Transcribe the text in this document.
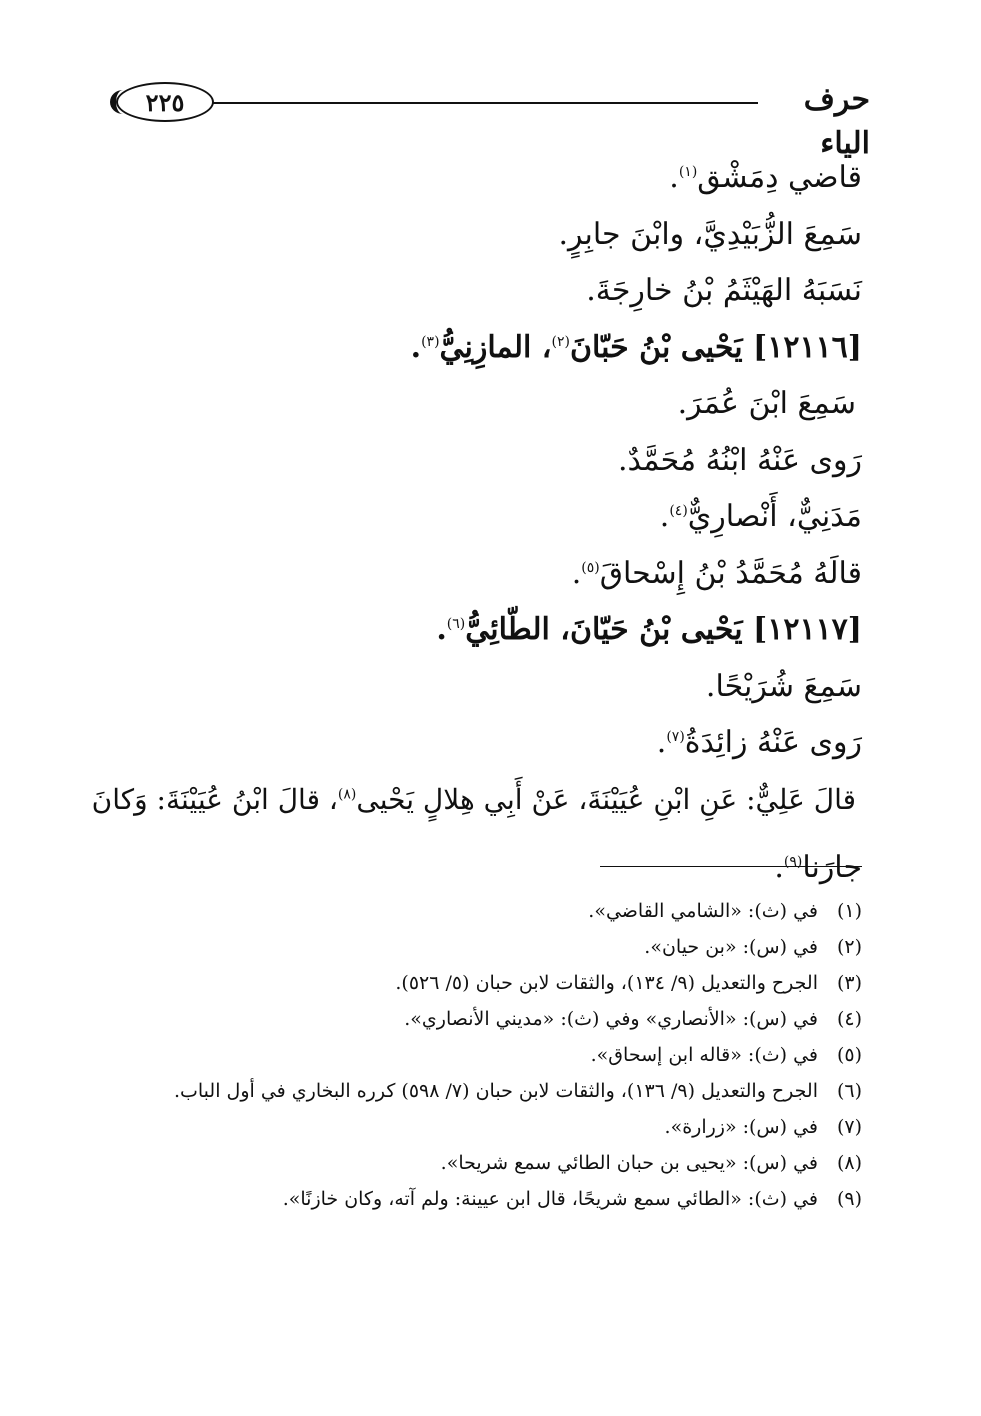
٢٢٥	حرف الياء
قاضي دِمَشْق$^{(١)}$.
سَمِعَ الزُّبَيْدِيَّ، وابْنَ جابِرٍ.
نَسَبَهُ الهَيْثَمُ بْنُ خارِجَةَ.
[١٢١١٦] يَحْيى بْنُ حَبّانَ$^{(٢)}$، المازِنِيُّ$^{(٣)}$.
سَمِعَ ابْنَ عُمَرَ.
رَوى عَنْهُ ابْنُهُ مُحَمَّدٌ.
مَدَنِيٌّ، أَنْصارِيٌّ$^{(٤)}$.
قالَهُ مُحَمَّدُ بْنُ إِسْحاقَ$^{(٥)}$.
[١٢١١٧] يَحْيى بْنُ حَيّانَ، الطّائِيُّ$^{(٦)}$.
سَمِعَ شُرَيْحًا.
رَوى عَنْهُ زائِدَةُ$^{(٧)}$.
قالَ عَلِيٌّ: عَنِ ابْنِ عُيَيْنَةَ، عَنْ أَبِي هِلالٍ يَحْيى$^{(٨)}$، قالَ ابْنُ عُيَيْنَةَ: وَكانَ
جارَنا$^{(٩)}$.
(١)
في (ث): «الشامي القاضي».
(٢)
في (س): «بن حيان».
(٣)
الجرح والتعديل (٩/ ١٣٤)، والثقات لابن حبان (٥/ ٥٢٦).
(٤)
في (س): «الأنصاري» وفي (ث): «مديني الأنصاري».
(٥)
في (ث): «قاله ابن إسحاق».
(٦)
الجرح والتعديل (٩/ ١٣٦)، والثقات لابن حبان (٧/ ٥٩٨) كرره البخاري في أول الباب.
(٧)
في (س): «زرارة».
(٨)
في (س): «يحيى بن حبان الطائي سمع شريحا».
(٩)
في (ث): «الطائي سمع شريحًا، قال ابن عيينة: ولم آته، وكان خازنًا».
